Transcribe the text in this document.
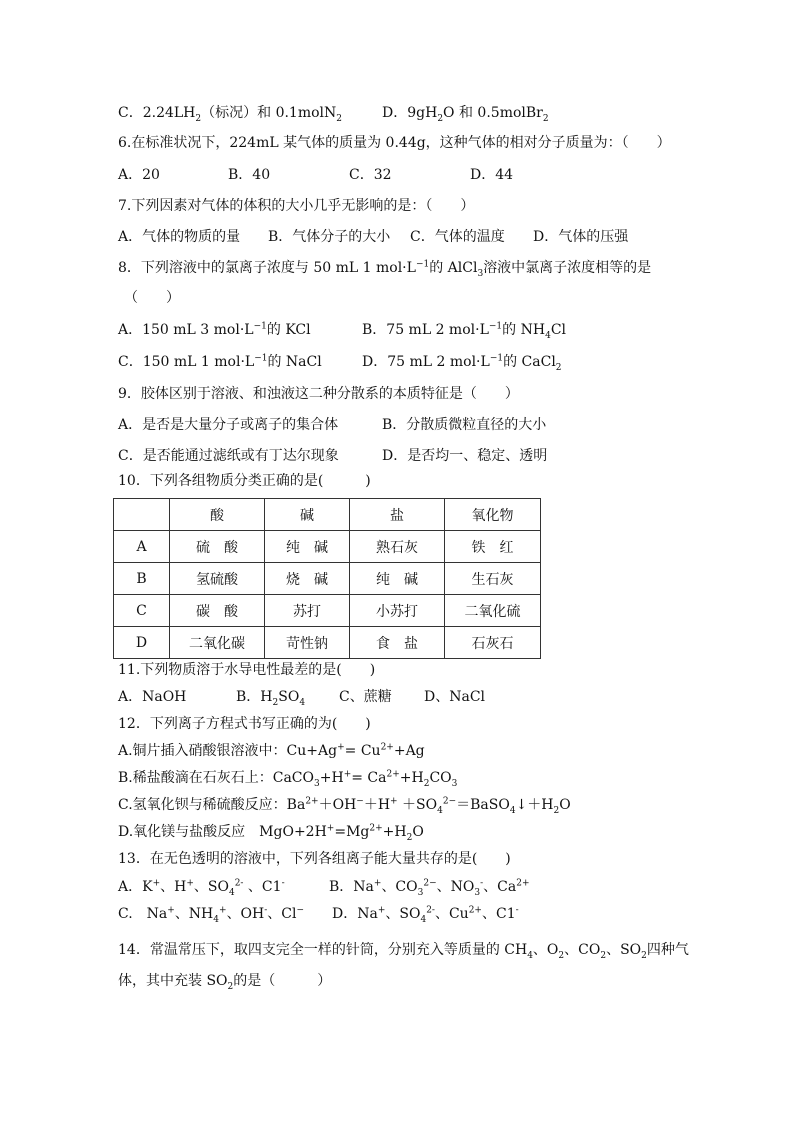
C．$2.24LH_2$（标况）和 0.1molN$_2$	D．$9gH_2O$ 和 0.5molBr$_2$
6.在标准状况下，224mL 某气体的质量为 0.44g，这种气体的相对分子质量为：（　　）
A．20	B．40	C．32	D．44
7.下列因素对气体的体积的大小几乎无影响的是：（　　）
A．气体的物质的量 B．气体分子的大小 C．气体的温度 D．气体的压强
8．下列溶液中的氯离子浓度与 50 mL 1 $mol\cdot L^{-1}$的 AlCl$_3$溶液中氯离子浓度相等的是
（　　）
A．150 mL 3 $mol\cdot L^{-1}$的 KCl	B．75 mL 2 $mol\cdot L^{-1}$的 $NH_4Cl$
C．150 mL 1 $mol\cdot L^{-1}$的 NaCl	D．75 mL 2 $mol\cdot L^{-1}$的 CaCl$_2$
9．胶体区别于溶液、和浊液这二种分散系的本质特征是（　　）
A．是否是大量分子或离子的集合体	B．分散质微粒直径的大小
C．是否能通过滤纸或有丁达尔现象	D．是否均一、稳定、透明
10．下列各组物质分类正确的是(　　　)
	酸	碱	盐	氧化物
A	硫　酸	纯　碱	熟石灰	铁　红
B	氢硫酸	烧　碱	纯　碱	生石灰
C	碳　酸	苏打	小苏打	二氧化硫
D	二氧化碳	苛性钠	食　盐	石灰石
11.下列物质溶于水导电性最差的是(　　)
A．NaOH	B．$H_2SO_4$ C、蔗糖 D、NaCl
12．下列离子方程式书写正确的为(　　)
A.铜片插入硝酸银溶液中：$Cu+Ag^+= Cu^{2+}+Ag$
B.稀盐酸滴在石灰石上：CaCO$_3$+H+= $Ca^{2+}+H_2CO_3$
C.氢氧化钡与稀硫酸反应：$Ba^{2+}+OH^-+H^+$ $+SO_4^{2-}=BaSO_4↓+H_2O$
D.氧化镁与盐酸反应　$MgO+2H^+=Mg^{2+}+H_2O$
13．在无色透明的溶液中，下列各组离子能大量共存的是(　　)
A．K+、H+、$SO_4^{2-}$ 、C1-	B．Na+、$CO_3^{2-}$、$NO_3^-$、$Ca^{2+}$
C.　Na+、$NH_4^+$、OH-、Cl− D．Na+、$SO_4^{2-}$、$Cu^{2+}$、C1-
14．常温常压下，取四支完全一样的针筒，分别充入等质量的 $CH_4$、$O_2$、$CO_2$、$SO_2$四种气
体，其中充装 $SO_2$的是（　　　）
